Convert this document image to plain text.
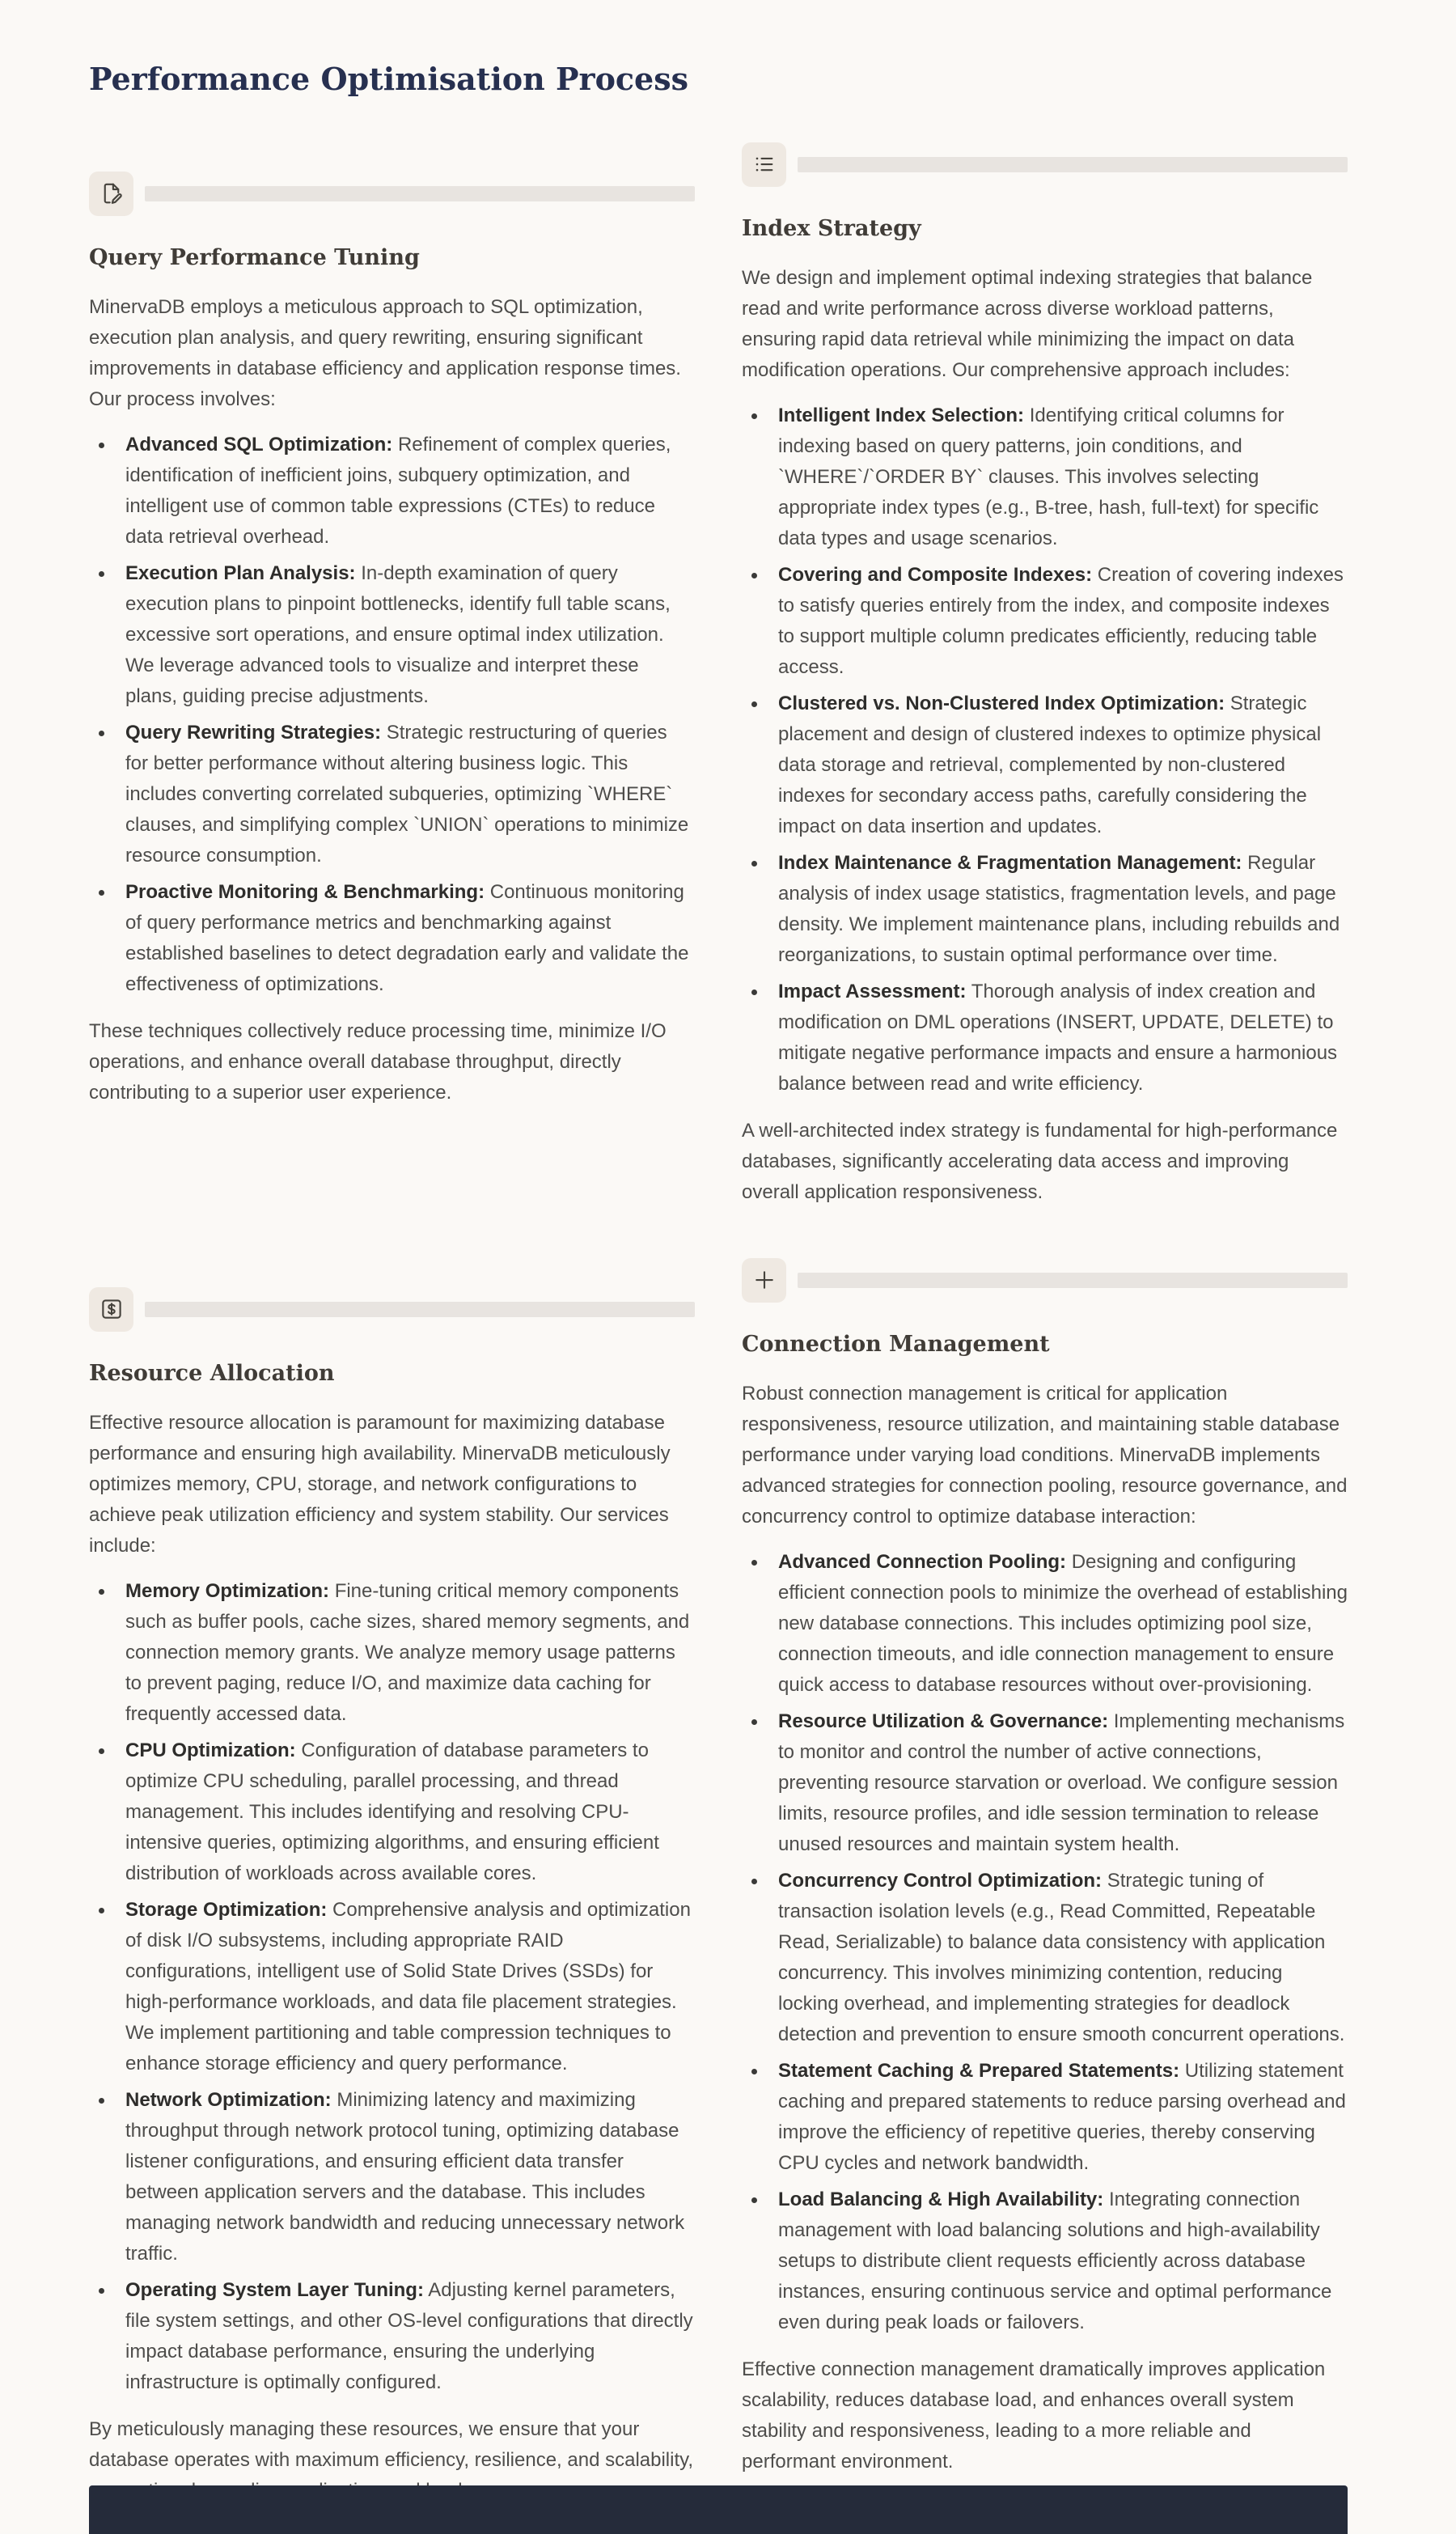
Performance Optimisation Process
Query Performance Tuning

MinervaDB employs a meticulous approach to SQL optimization, execution plan analysis, and query rewriting, ensuring significant improvements in database efficiency and application response times. Our process involves:

Advanced SQL Optimization: Refinement of complex queries, identification of inefficient joins, subquery optimization, and intelligent use of common table expressions (CTEs) to reduce data retrieval overhead.
Execution Plan Analysis: In-depth examination of query execution plans to pinpoint bottlenecks, identify full table scans, excessive sort operations, and ensure optimal index utilization. We leverage advanced tools to visualize and interpret these plans, guiding precise adjustments.
Query Rewriting Strategies: Strategic restructuring of queries for better performance without altering business logic. This includes converting correlated subqueries, optimizing `WHERE` clauses, and simplifying complex `UNION` operations to minimize resource consumption.
Proactive Monitoring & Benchmarking: Continuous monitoring of query performance metrics and benchmarking against established baselines to detect degradation early and validate the effectiveness of optimizations.

These techniques collectively reduce processing time, minimize I/O operations, and enhance overall database throughput, directly contributing to a superior user experience.

Index Strategy

We design and implement optimal indexing strategies that balance read and write performance across diverse workload patterns, ensuring rapid data retrieval while minimizing the impact on data modification operations. Our comprehensive approach includes:

Intelligent Index Selection: Identifying critical columns for indexing based on query patterns, join conditions, and `WHERE`/`ORDER BY` clauses. This involves selecting appropriate index types (e.g., B-tree, hash, full-text) for specific data types and usage scenarios.
Covering and Composite Indexes: Creation of covering indexes to satisfy queries entirely from the index, and composite indexes to support multiple column predicates efficiently, reducing table access.
Clustered vs. Non-Clustered Index Optimization: Strategic placement and design of clustered indexes to optimize physical data storage and retrieval, complemented by non-clustered indexes for secondary access paths, carefully considering the impact on data insertion and updates.
Index Maintenance & Fragmentation Management: Regular analysis of index usage statistics, fragmentation levels, and page density. We implement maintenance plans, including rebuilds and reorganizations, to sustain optimal performance over time.
Impact Assessment: Thorough analysis of index creation and modification on DML operations (INSERT, UPDATE, DELETE) to mitigate negative performance impacts and ensure a harmonious balance between read and write efficiency.

A well-architected index strategy is fundamental for high-performance databases, significantly accelerating data access and improving overall application responsiveness.

Resource Allocation

Effective resource allocation is paramount for maximizing database performance and ensuring high availability. MinervaDB meticulously optimizes memory, CPU, storage, and network configurations to achieve peak utilization efficiency and system stability. Our services include:

Memory Optimization: Fine-tuning critical memory components such as buffer pools, cache sizes, shared memory segments, and connection memory grants. We analyze memory usage patterns to prevent paging, reduce I/O, and maximize data caching for frequently accessed data.
CPU Optimization: Configuration of database parameters to optimize CPU scheduling, parallel processing, and thread management. This includes identifying and resolving CPU-intensive queries, optimizing algorithms, and ensuring efficient distribution of workloads across available cores.
Storage Optimization: Comprehensive analysis and optimization of disk I/O subsystems, including appropriate RAID configurations, intelligent use of Solid State Drives (SSDs) for high-performance workloads, and data file placement strategies. We implement partitioning and table compression techniques to enhance storage efficiency and query performance.
Network Optimization: Minimizing latency and maximizing throughput through network protocol tuning, optimizing database listener configurations, and ensuring efficient data transfer between application servers and the database. This includes managing network bandwidth and reducing unnecessary network traffic.
Operating System Layer Tuning: Adjusting kernel parameters, file system settings, and other OS-level configurations that directly impact database performance, ensuring the underlying infrastructure is optimally configured.

By meticulously managing these resources, we ensure that your database operates with maximum efficiency, resilience, and scalability,

Connection Management

Robust connection management is critical for application responsiveness, resource utilization, and maintaining stable database performance under varying load conditions. MinervaDB implements advanced strategies for connection pooling, resource governance, and concurrency control to optimize database interaction:

Advanced Connection Pooling: Designing and configuring efficient connection pools to minimize the overhead of establishing new database connections. This includes optimizing pool size, connection timeouts, and idle connection management to ensure quick access to database resources without over-provisioning.
Resource Utilization & Governance: Implementing mechanisms to monitor and control the number of active connections, preventing resource starvation or overload. We configure session limits, resource profiles, and idle session termination to release unused resources and maintain system health.
Concurrency Control Optimization: Strategic tuning of transaction isolation levels (e.g., Read Committed, Repeatable Read, Serializable) to balance data consistency with application concurrency. This involves minimizing contention, reducing locking overhead, and implementing strategies for deadlock detection and prevention to ensure smooth concurrent operations.
Statement Caching & Prepared Statements: Utilizing statement caching and prepared statements to reduce parsing overhead and improve the efficiency of repetitive queries, thereby conserving CPU cycles and network bandwidth.
Load Balancing & High Availability: Integrating connection management with load balancing solutions and high-availability setups to distribute client requests efficiently across database instances, ensuring continuous service and optimal performance even during peak loads or failovers.

Effective connection management dramatically improves application scalability, reduces database load, and enhances overall system stability and responsiveness, leading to a more reliable and performant environment.
